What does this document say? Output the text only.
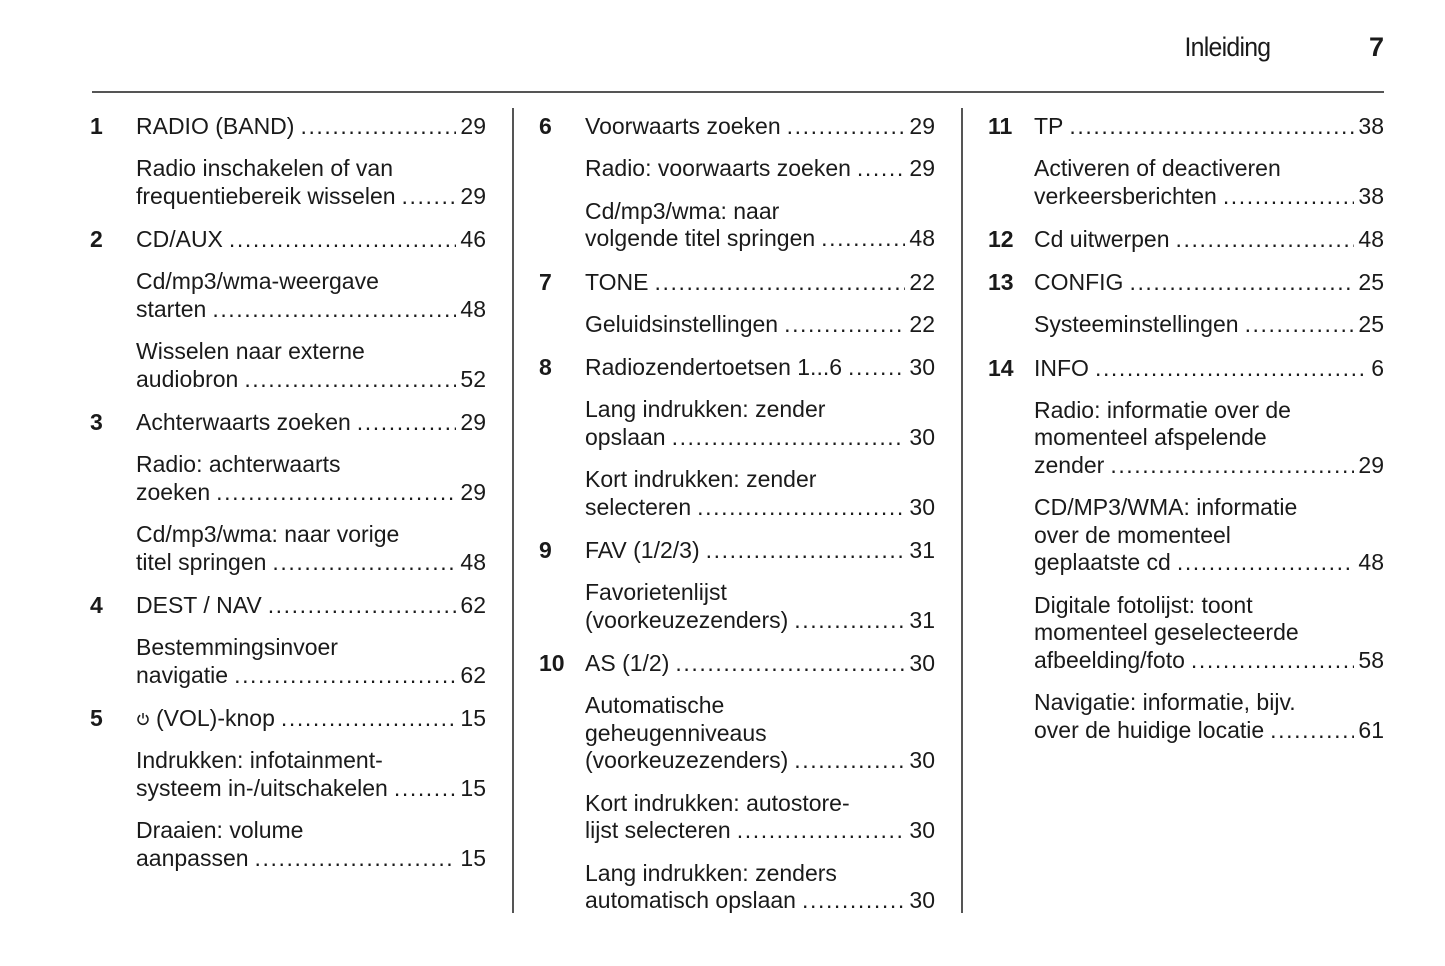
Inleiding	7
1	RADIO (BAND) .....	29
Radio inschakelen of van
frequentiebereik wisselen .....	29
2	CD/AUX .....	46
Cd/mp3/wma-weergave
starten .....	48
Wisselen naar externe
audiobron .....	52
3	Achterwaarts zoeken .....	29
Radio: achterwaarts
zoeken .....	29
Cd/mp3/wma: naar vorige
titel springen .....	48
4	DEST / NAV .....	62
Bestemmingsinvoer
navigatie .....	62
5	(VOL)-knop .....	15
Indrukken: infotainment-
systeem in-/uitschakelen .....	15
Draaien: volume
aanpassen .....	15
6	Voorwaarts zoeken .....	29
Radio: voorwaarts zoeken .....	29
Cd/mp3/wma: naar
volgende titel springen .....	48
7	TONE .....	22
Geluidsinstellingen .....	22
8	Radiozendertoetsen 1...6 .....	30
Lang indrukken: zender
opslaan .....	30
Kort indrukken: zender
selecteren .....	30
9	FAV (1/2/3) .....	31
Favorietenlijst
(voorkeuzezenders) .....	31
10 AS (1/2) .....	30
Automatische
geheugenniveaus
(voorkeuzezenders) .....	30
Kort indrukken: autostore-
lijst selecteren .....	30
Lang indrukken: zenders
automatisch opslaan .....	30
11 TP .....	38
Activeren of deactiveren
verkeersberichten .....	38
12 Cd uitwerpen .....	48
13 CONFIG .....	25
Systeeminstellingen .....	25
14 INFO .....	6
Radio: informatie over de
momenteel afspelende
zender .....	29
CD/MP3/WMA: informatie
over de momenteel
geplaatste cd .....	48
Digitale fotolijst: toont
momenteel geselecteerde
afbeelding/foto .....	58
Navigatie: informatie, bijv.
over de huidige locatie .....	61
